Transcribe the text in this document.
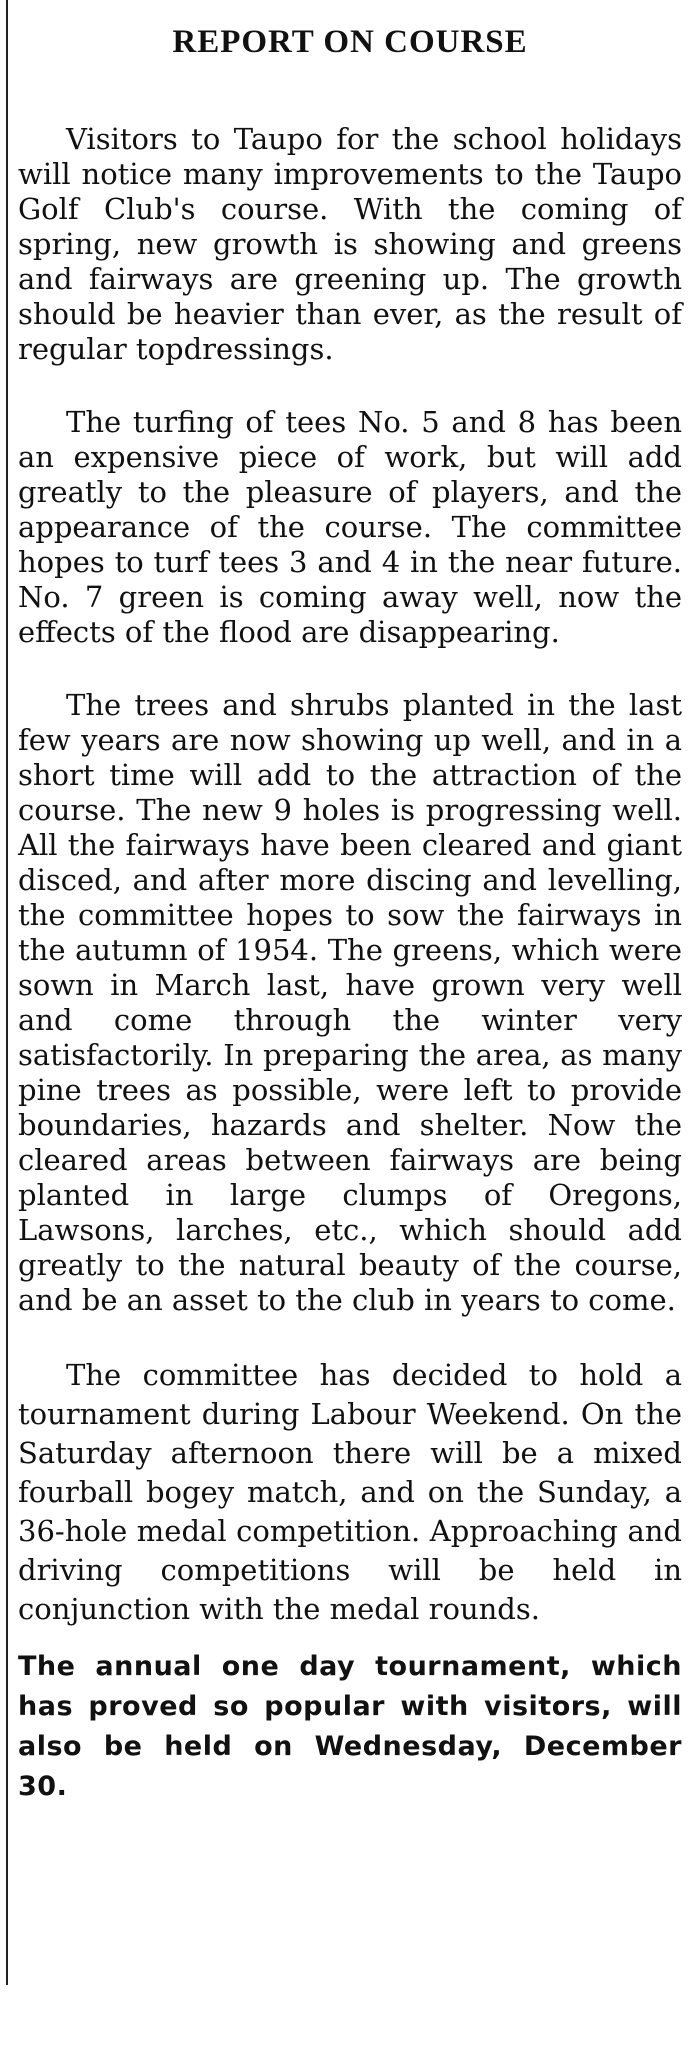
REPORT ON COURSE

Visitors to Taupo for the school holidays will notice many improvements to the Taupo Golf Club's course. With the coming of spring, new growth is showing and greens and fairways are greening up. The growth should be heavier than ever, as the result of regular topdressings.

The turfing of tees No. 5 and 8 has been an expensive piece of work, but will add greatly to the pleasure of players, and the appearance of the course. The committee hopes to turf tees 3 and 4 in the near future. No. 7 green is coming away well, now the effects of the flood are disappearing.

The trees and shrubs planted in the last few years are now showing up well, and in a short time will add to the attraction of the course. The new 9 holes is progressing well. All the fairways have been cleared and giant disced, and after more discing and levelling, the committee hopes to sow the fairways in the autumn of 1954. The greens, which were sown in March last, have grown very well and come through the winter very satisfactorily. In preparing the area, as many pine trees as possible, were left to provide boundaries, hazards and shelter. Now the cleared areas between fairways are being planted in large clumps of Oregons, Lawsons, larches, etc., which should add greatly to the natural beauty of the course, and be an asset to the club in years to come.

The committee has decided to hold a tournament during Labour Weekend. On the Saturday afternoon there will be a mixed fourball bogey match, and on the Sunday, a 36-hole medal competition. Approaching and driving competitions will be held in conjunction with the medal rounds.

The annual one day tournament, which has proved so popular with visitors, will also be held on Wednesday, December 30.
